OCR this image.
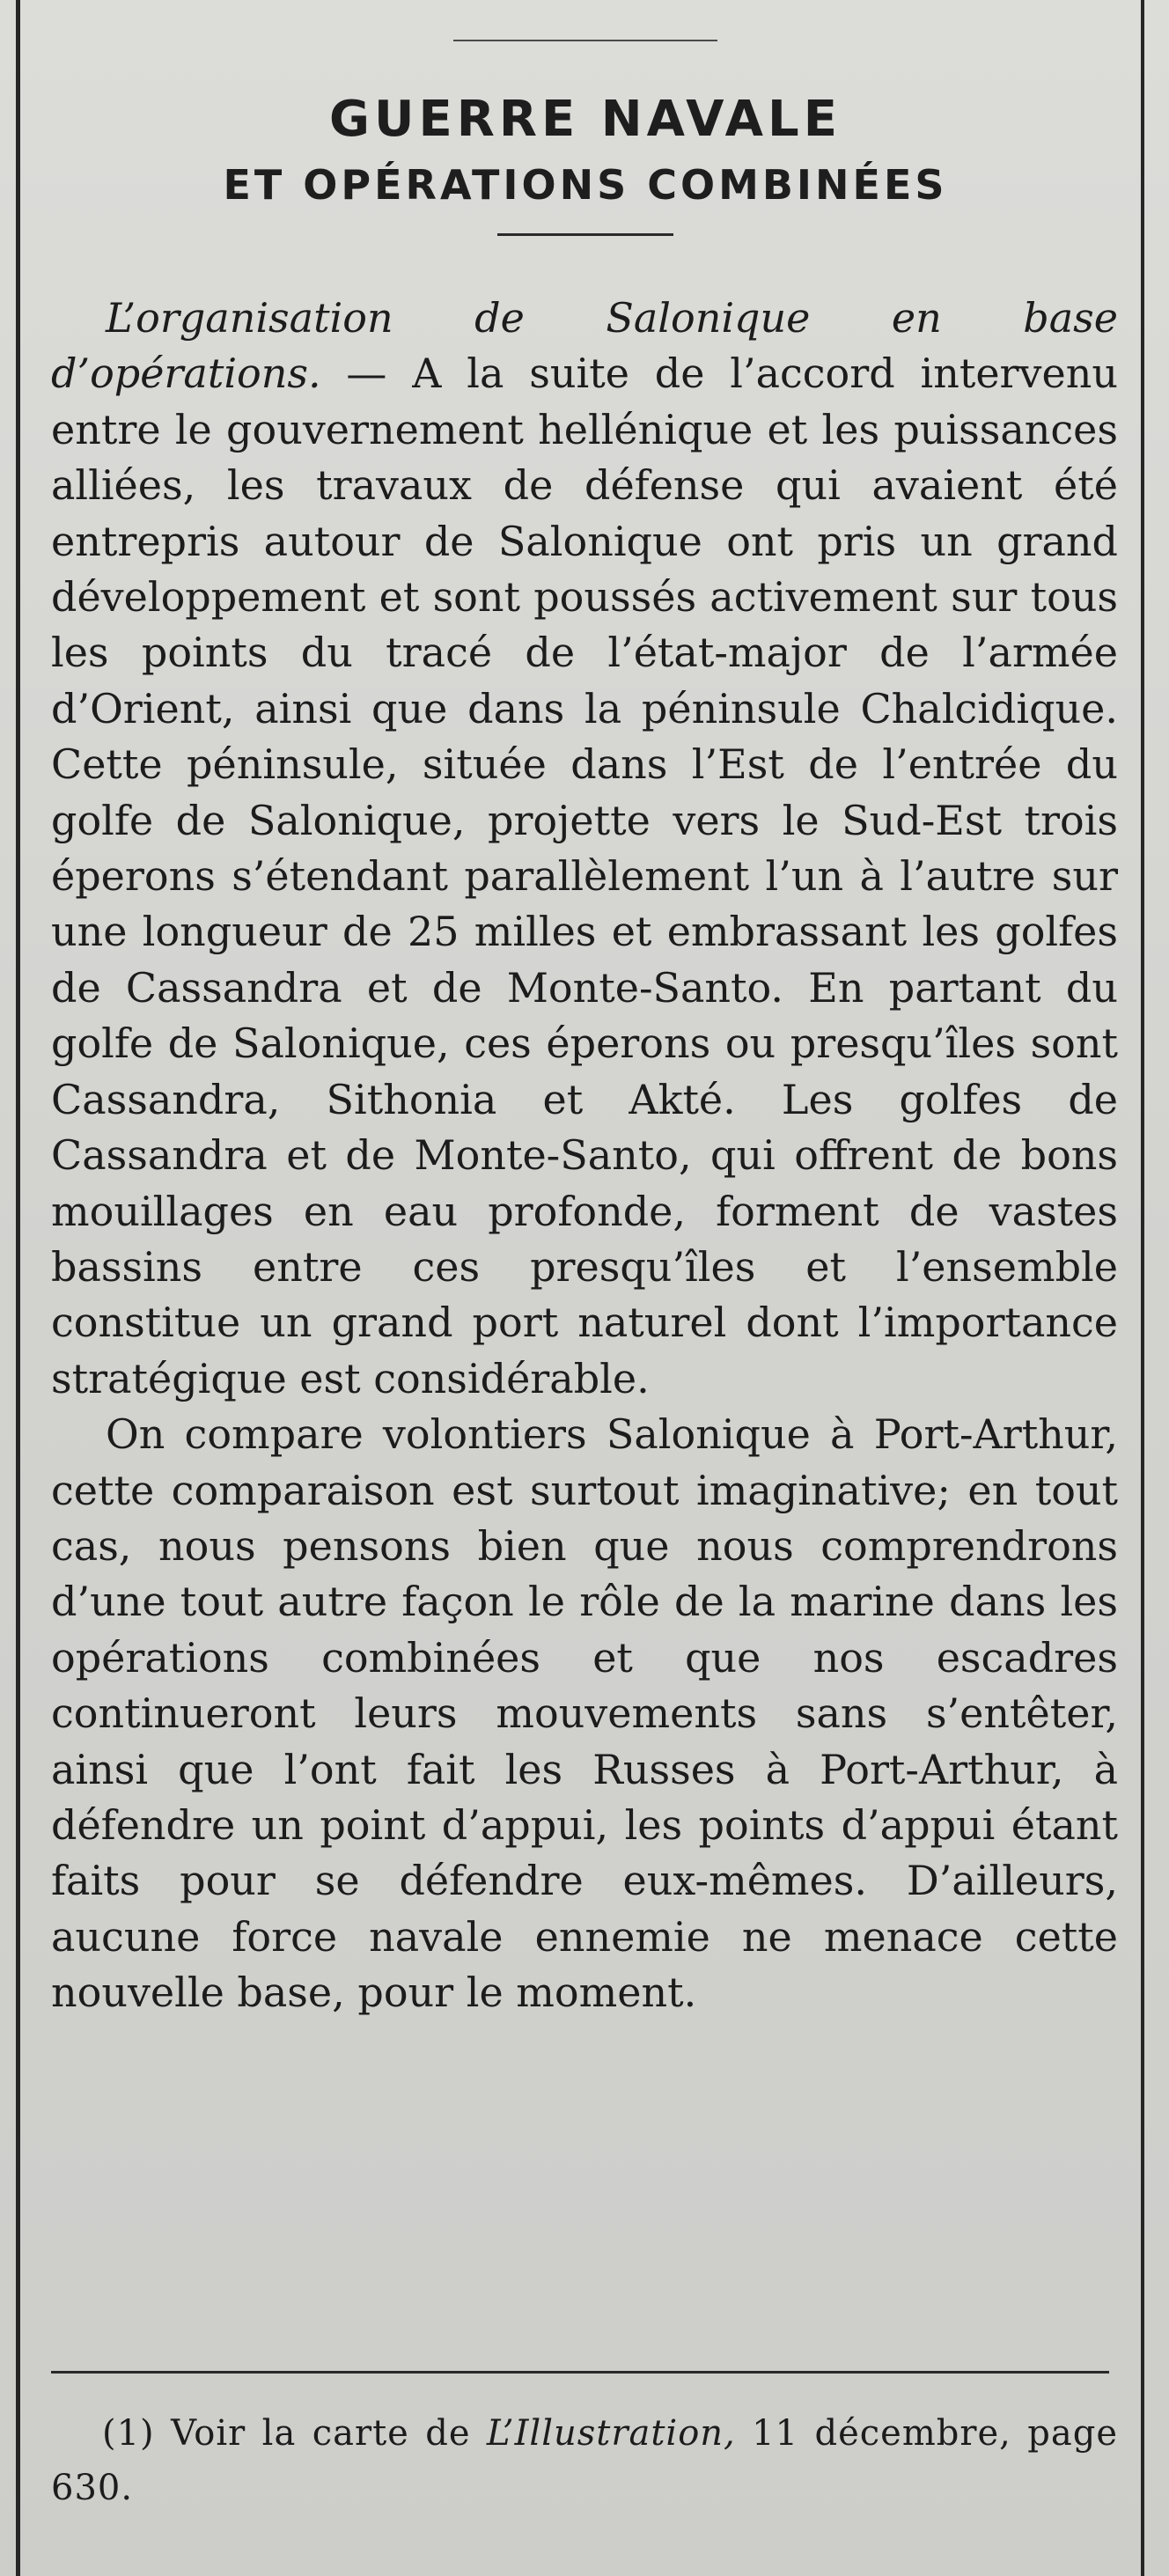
GUERRE NAVALE
ET OPÉRATIONS COMBINÉES

L’organisation de Salonique en base d’opérations. — A la suite de l’accord intervenu entre le gouvernement hellénique et les puissances alliées, les travaux de défense qui avaient été entrepris autour de Salonique ont pris un grand développement et sont poussés activement sur tous les points du tracé de l’état-major de l’armée d’Orient, ainsi que dans la péninsule Chalcidique. Cette péninsule, située dans l’Est de l’entrée du golfe de Salonique, projette vers le Sud-Est trois éperons s’étendant parallèlement l’un à l’autre sur une longueur de 25 milles et embrassant les golfes de Cassandra et de Monte-Santo. En partant du golfe de Salonique, ces éperons ou presqu’îles sont Cassandra, Sithonia et Akté. Les golfes de Cassandra et de Monte-Santo, qui offrent de bons mouillages en eau profonde, forment de vastes bassins entre ces presqu’îles et l’ensemble constitue un grand port naturel dont l’importance stratégique est considérable.

On compare volontiers Salonique à Port-Arthur, cette comparaison est surtout imaginative; en tout cas, nous pensons bien que nous comprendrons d’une tout autre façon le rôle de la marine dans les opérations combinées et que nos escadres continueront leurs mouvements sans s’entêter, ainsi que l’ont fait les Russes à Port-Arthur, à défendre un point d’appui, les points d’appui étant faits pour se défendre eux-mêmes. D’ailleurs, aucune force navale ennemie ne menace cette nouvelle base, pour le moment.

(1) Voir la carte de L’Illustration, 11 décembre, page 630.
